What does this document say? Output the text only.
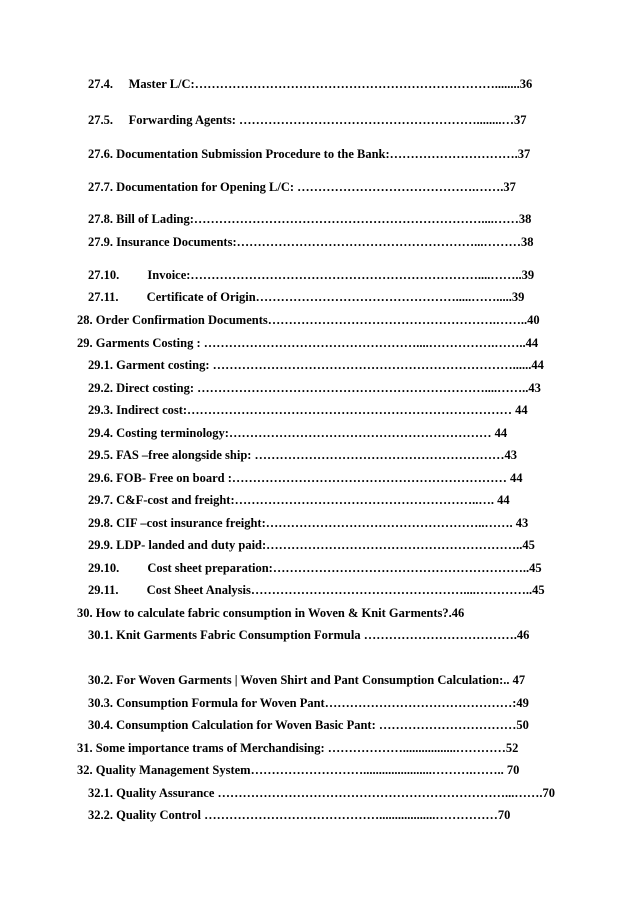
27.4.     Master L/C:………………………………………………………………........36
27.5.     Forwarding Agents: …………………………………………………........…37
27.6. Documentation Submission Procedure to the Bank:………………………….37
27.7. Documentation for Opening L/C: …………………………………….…….37
27.8. Bill of Lading:……………………………………………………………....……38
27.9. Insurance Documents:…………………………………………………...………38
27.10.         Invoice:……………………………………………………………....……..39
27.11.         Certificate of Origin………………………………………….....…….....39
28. Order Confirmation Documents……………………………………………….……..40
29. Garments Costing : ……………………………………………....…………….……..44
29.1. Garment costing: ………………………………………………………………......44
29.2. Direct costing: ……………………………………………………………....……..43
29.3. Indirect cost:…………………………………………………………………… 44
29.4. Costing terminology:……………………………………………………… 44
29.5. FAS –free alongside ship: ……………………………………………………43
29.6. FOB- Free on board :………………………………………………………… 44
29.7. C&F-cost and freight:…………………………………………………..…. 44
29.8. CIF –cost insurance freight:……………………………………………..……. 43
29.9. LDP- landed and duty paid:……………………………………………………..45
29.10.         Cost sheet preparation:……………………………………………………..45
29.11.         Cost Sheet Analysis……………………………………………....…………..45
30. How to calculate fabric consumption in Woven & Knit Garments?.46
30.1. Knit Garments Fabric Consumption Formula ……………………………….46
30.2. For Woven Garments | Woven Shirt and Pant Consumption Calculation:.. 47
30.3. Consumption Formula for Woven Pant………………………………………:49
30.4. Consumption Calculation for Woven Basic Pant: ……………………………50
31. Some importance trams of Merchandising: ……………….................…………52
32. Quality Management System………………………......................……….…….. 70
32.1. Quality Assurance ……………………………………………………………...…….70
32.2. Quality Control ……………………………………..................……………70
